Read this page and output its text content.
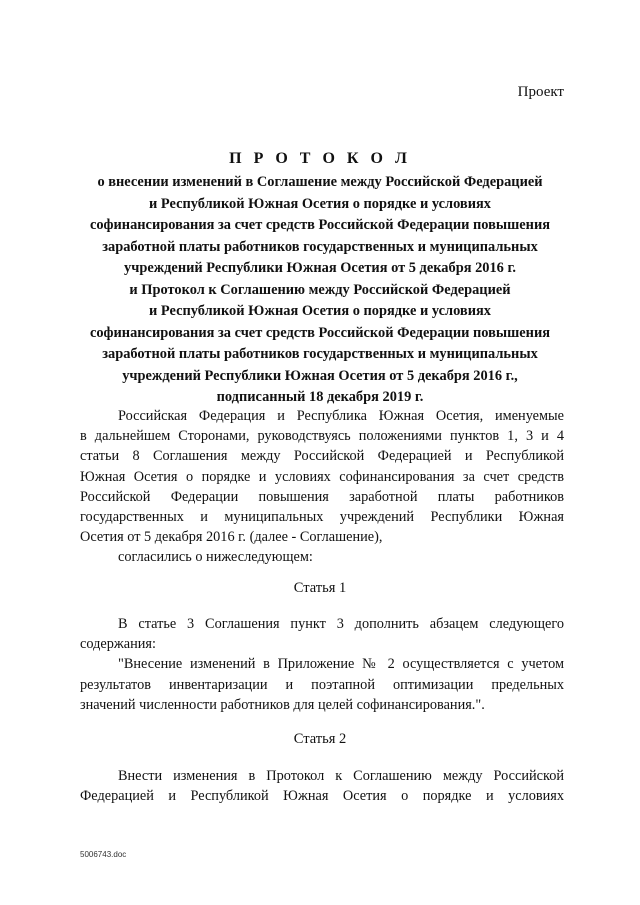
Проект
П Р О Т О К О Л
о внесении изменений в Соглашение между Российской Федерацией
и Республикой Южная Осетия о порядке и условиях
софинансирования за счет средств Российской Федерации повышения
заработной платы работников государственных и муниципальных
учреждений Республики Южная Осетия от 5 декабря 2016 г.
и Протокол к Соглашению между Российской Федерацией
и Республикой Южная Осетия о порядке и условиях
софинансирования за счет средств Российской Федерации повышения
заработной платы работников государственных и муниципальных
учреждений Республики Южная Осетия от 5 декабря 2016 г.,
подписанный 18 декабря 2019 г.
Российская Федерация и Республика Южная Осетия, именуемые
в дальнейшем Сторонами, руководствуясь положениями пунктов 1, 3 и 4
статьи 8 Соглашения между Российской Федерацией и Республикой
Южная Осетия о порядке и условиях софинансирования за счет средств
Российской Федерации повышения заработной платы работников
государственных и муниципальных учреждений Республики Южная
Осетия от 5 декабря 2016 г. (далее - Соглашение),
согласились о нижеследующем:
Статья 1
В статье 3 Соглашения пункт 3 дополнить абзацем следующего
содержания:
"Внесение изменений в Приложение № 2 осуществляется с учетом
результатов инвентаризации и поэтапной оптимизации предельных
значений численности работников для целей софинансирования.".
Статья 2
Внести изменения в Протокол к Соглашению между Российской
Федерацией и Республикой Южная Осетия о порядке и условиях
5006743.doc
